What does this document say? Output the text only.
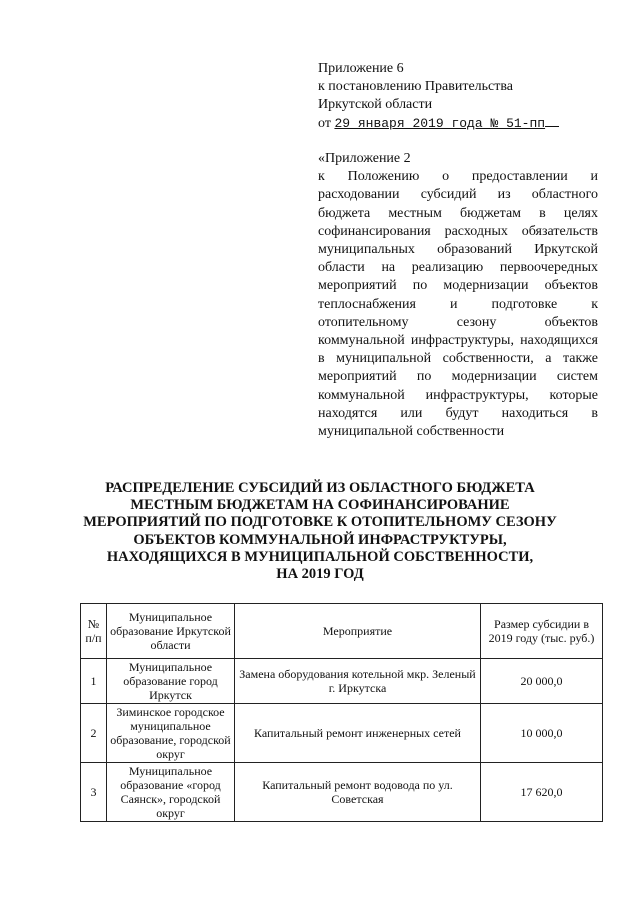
Приложение 6
к постановлению Правительства
Иркутской области
от 29 января 2019 года № 51-пп
«Приложение 2
к Положению о предоставлении и расходовании субсидий из областного бюджета местным бюджетам в целях софинансирования расходных обязательств муниципальных образований Иркутской области на реализацию первоочередных мероприятий по модернизации объектов теплоснабжения и подготовке к отопительному сезону объектов коммунальной инфраструктуры, находящихся в муниципальной собственности, а также мероприятий по модернизации систем коммунальной инфраструктуры, которые находятся или будут находиться в муниципальной собственности
РАСПРЕДЕЛЕНИЕ СУБСИДИЙ ИЗ ОБЛАСТНОГО БЮДЖЕТА
МЕСТНЫМ БЮДЖЕТАМ НА СОФИНАНСИРОВАНИЕ
МЕРОПРИЯТИЙ ПО ПОДГОТОВКЕ К ОТОПИТЕЛЬНОМУ СЕЗОНУ
ОБЪЕКТОВ КОММУНАЛЬНОЙ ИНФРАСТРУКТУРЫ,
НАХОДЯЩИХСЯ В МУНИЦИПАЛЬНОЙ СОБСТВЕННОСТИ,
НА 2019 ГОД
№ п/п	Муниципальное образование Иркутской области	Мероприятие	Размер субсидии в 2019 году (тыс. руб.)
1	Муниципальное образование город Иркутск	Замена оборудования котельной мкр. Зеленый г. Иркутска	20 000,0
2	Зиминское городское муниципальное образование, городской округ	Капитальный ремонт инженерных сетей	10 000,0
3	Муниципальное образование «город Саянск», городской округ	Капитальный ремонт водовода по ул. Советская	17 620,0
